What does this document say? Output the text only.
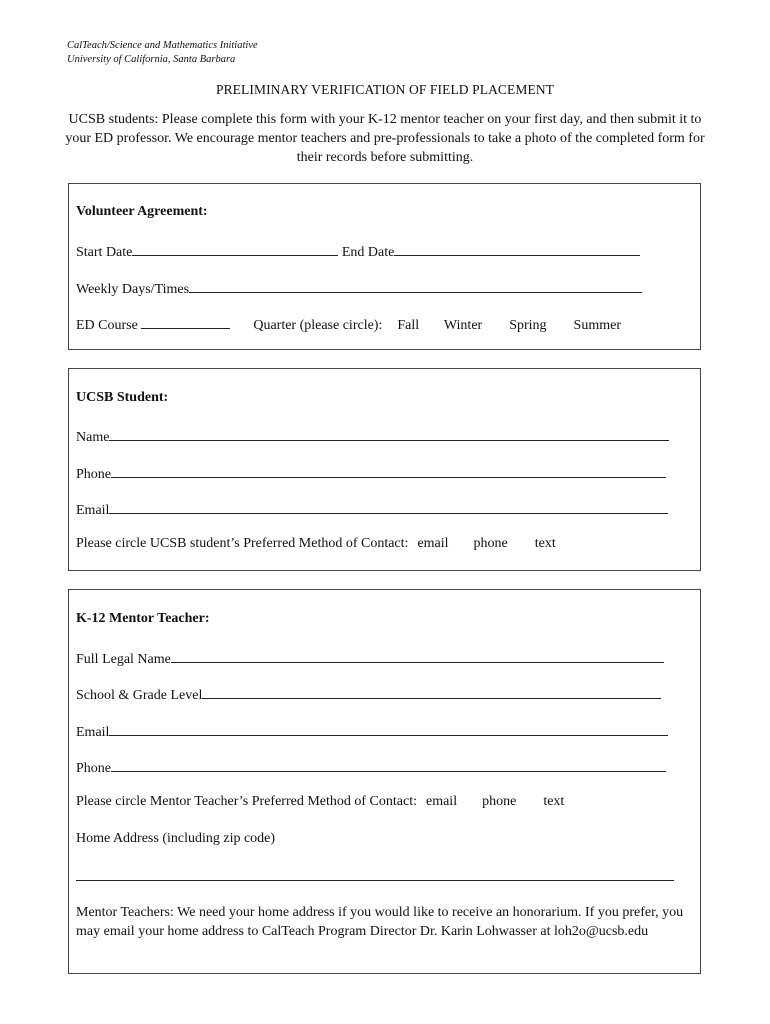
CalTeach/Science and Mathematics Initiative
University of California, Santa Barbara
PRELIMINARY VERIFICATION OF FIELD PLACEMENT
UCSB students: Please complete this form with your K-12 mentor teacher on your first day, and then submit it to your ED professor. We encourage mentor teachers and pre-professionals to take a photo of the completed form for their records before submitting.
Volunteer Agreement:
Start Date	End Date
Weekly Days/Times
ED Course	Quarter (please circle): Fall Winter Spring Summer
UCSB Student:
Name
Phone
Email
Please circle UCSB student’s Preferred Method of Contact: email phone text
K-12 Mentor Teacher:
Full Legal Name
School & Grade Level
Email
Phone
Please circle Mentor Teacher’s Preferred Method of Contact: email phone text
Home Address (including zip code)
Mentor Teachers: We need your home address if you would like to receive an honorarium. If you prefer, you may email your home address to CalTeach Program Director Dr. Karin Lohwasser at loh2o@ucsb.edu
